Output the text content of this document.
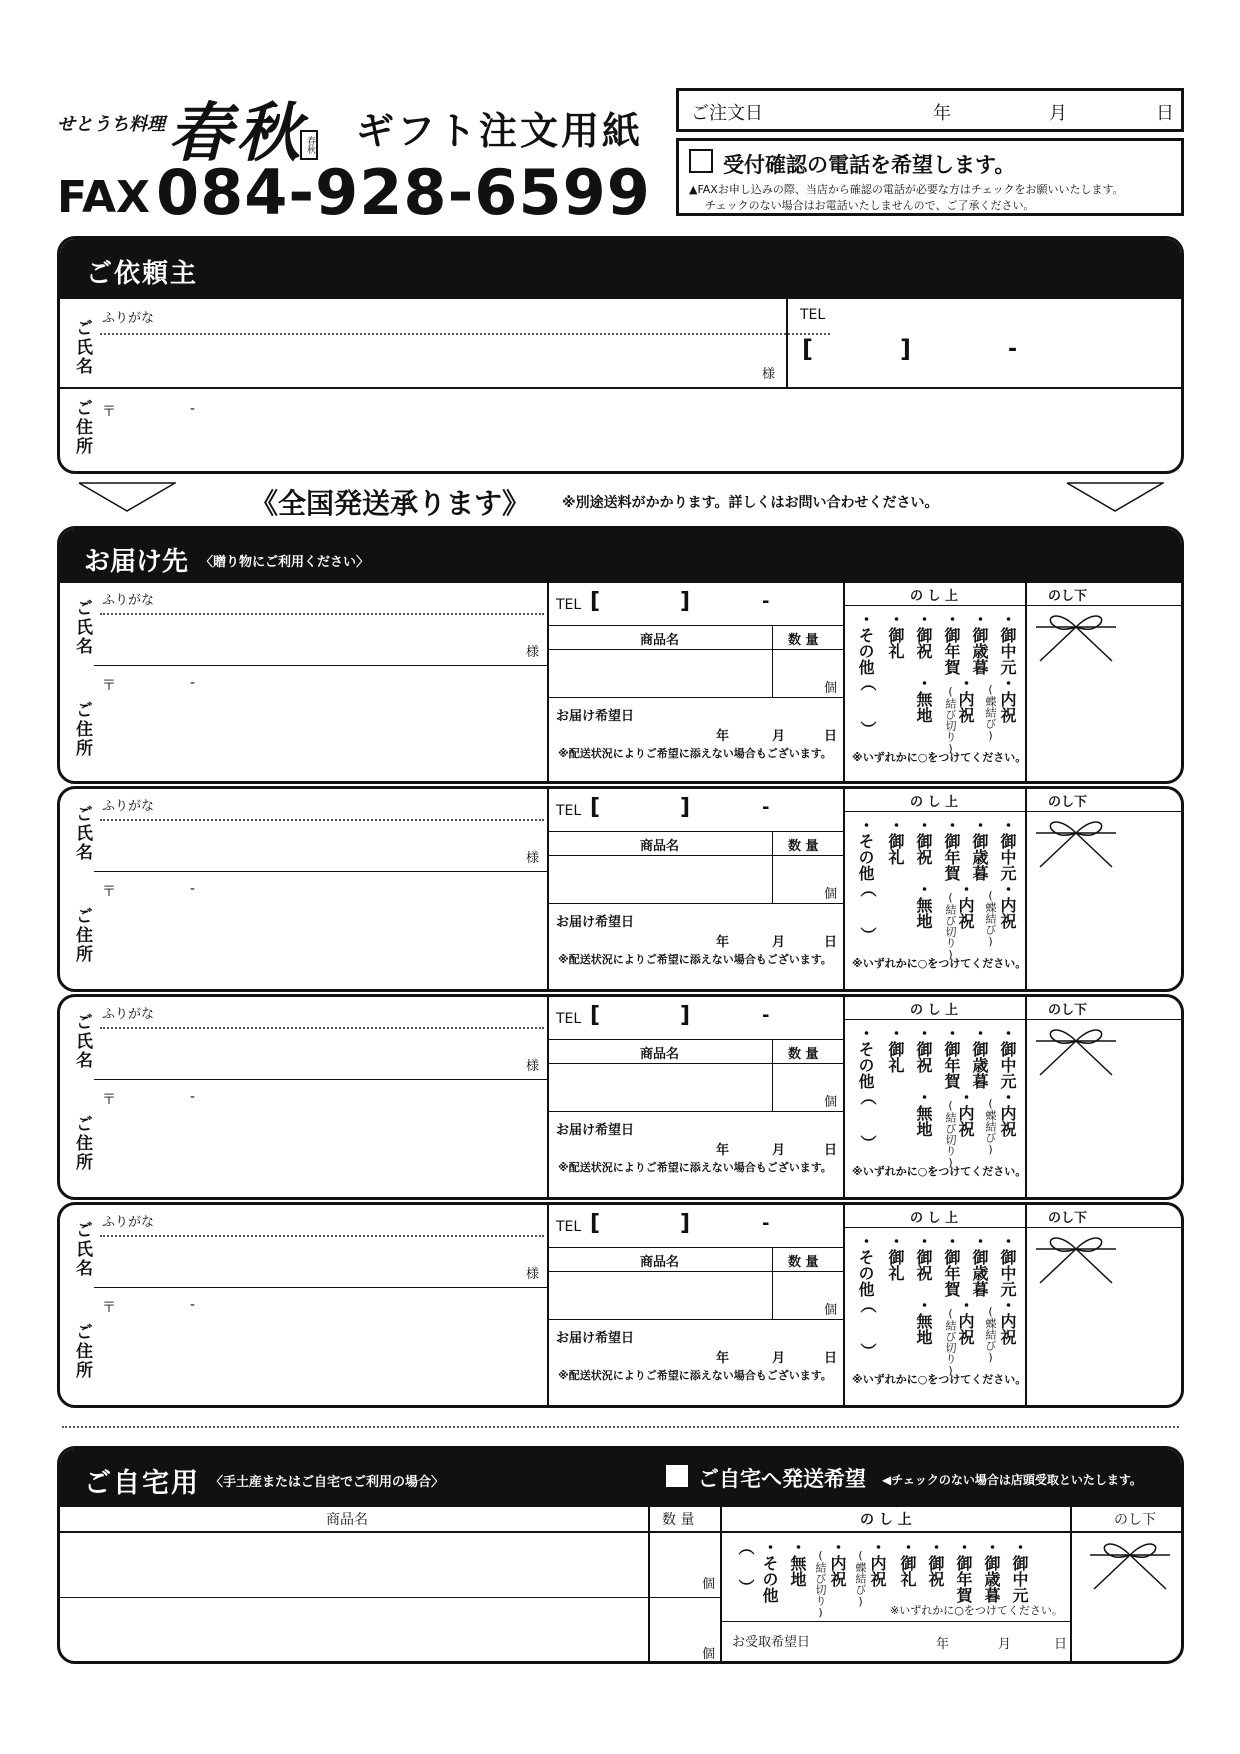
せとうち料理 春秋 春秋 ギフト注文用紙
FAX 084-928-6599
ご注文日	年	月	日
受付確認の電話を希望します。
▲FAXお申し込みの際、当店から確認の電話が必要な方はチェックをお願いいたします。
チェックのない場合はお電話いたしませんので、ご了承ください。
ご依頼主
ご氏名
ふりがな
様
TEL
[	]	-
ご住所 〒	-
《全国発送承ります》 ※別途送料がかかります。詳しくはお問い合わせください。
お届け先 〈贈り物にご利用ください〉
ご氏名 ふりがな
様
〒	-
ご住所
TEL [	]	-
商品名	数 量
個
お届け希望日
年	月	日
※配送状況によりご希望に添えない場合もございます。
の し 上	のし下
・その他
︵
︶
・御礼 ・御祝
・無地
・御年賀
・内祝
(結び切り)
・御歳暮
・内祝
(蝶結び)
・御中元
※いずれかに○をつけてください。
ご氏名 ふりがな
様
〒	-
ご住所
TEL [	]	-
商品名	数 量
個
お届け希望日
年	月	日
※配送状況によりご希望に添えない場合もございます。
の し 上	のし下
・その他
︵
︶
・御礼 ・御祝
・無地
・御年賀
・内祝
(結び切り)
・御歳暮
・内祝
(蝶結び)
・御中元
※いずれかに○をつけてください。
ご氏名 ふりがな
様
〒	-
ご住所
TEL [	]	-
商品名	数 量
個
お届け希望日
年	月	日
※配送状況によりご希望に添えない場合もございます。
の し 上	のし下
・その他
︵
︶
・御礼 ・御祝
・無地
・御年賀
・内祝
(結び切り)
・御歳暮
・内祝
(蝶結び)
・御中元
※いずれかに○をつけてください。
ご氏名 ふりがな
様
〒	-
ご住所
TEL [	]	-
商品名	数 量
個
お届け希望日
年	月	日
※配送状況によりご希望に添えない場合もございます。
の し 上	のし下
・その他
︵
︶
・御礼 ・御祝
・無地
・御年賀
・内祝
(結び切り)
・御歳暮
・内祝
(蝶結び)
・御中元
※いずれかに○をつけてください。
ご自宅用 〈手土産またはご自宅でご利用の場合〉	ご自宅へ発送希望 ◀チェックのない場合は店頭受取といたします。
商品名	数 量	の し 上	のし下
個
個
︵
︶ ・その他 ・無地 ・内祝
(結び切り)	・内祝
(蝶結び) ・御礼 ・御祝 ・御年賀 ・御歳暮 ・御中元
※いずれかに○をつけてください。
お受取希望日	年	月	日
